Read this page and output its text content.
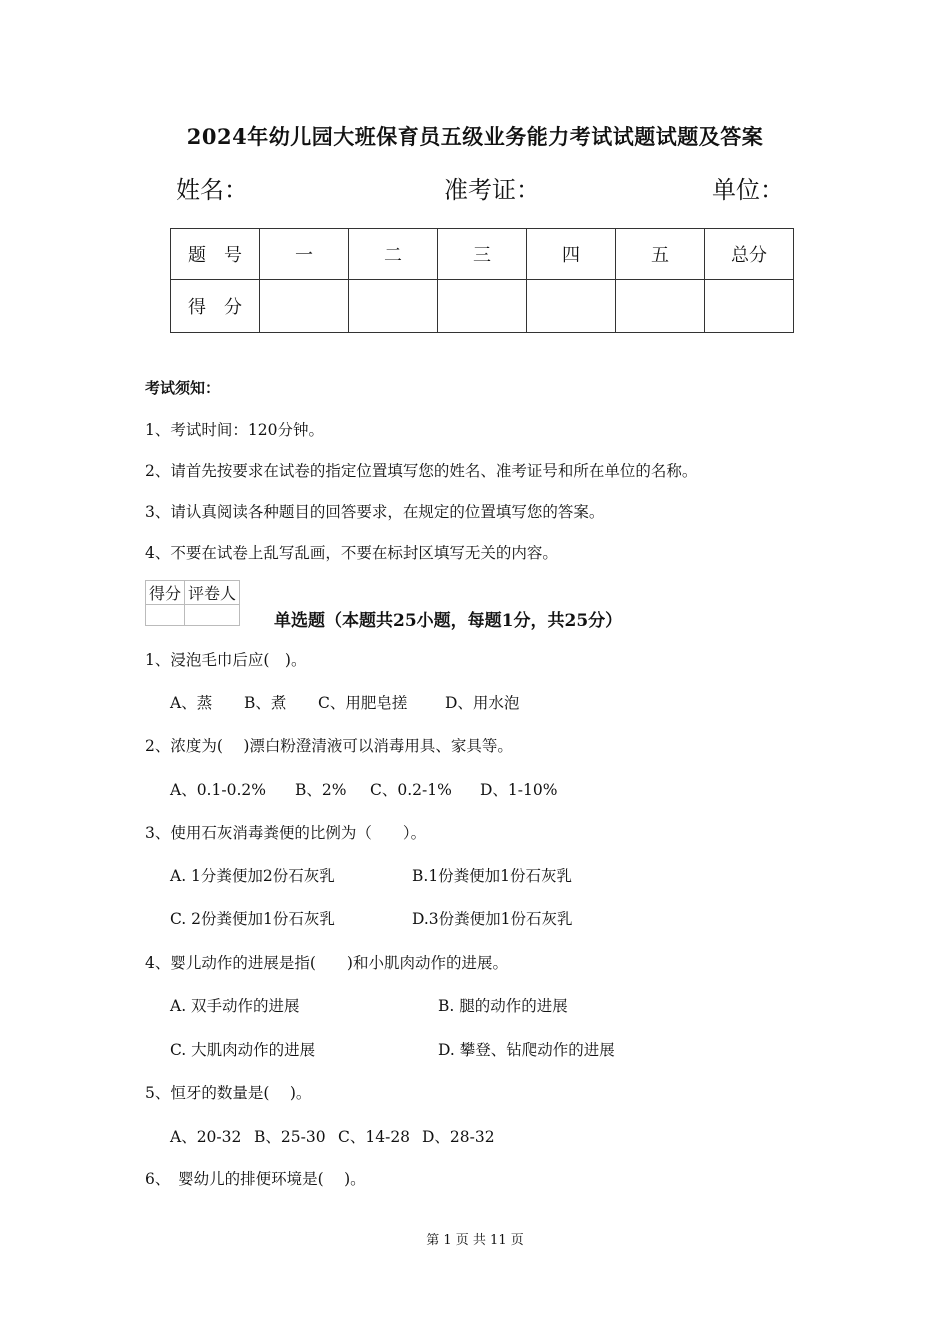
2024年幼儿园大班保育员五级业务能力考试试题试题及答案
姓名：	准考证：	单位：
题　号	一	二	三	四	五	总分
得　分						
考试须知：
1、考试时间：120分钟。
2、请首先按要求在试卷的指定位置填写您的姓名、准考证号和所在单位的名称。
3、请认真阅读各种题目的回答要求，在规定的位置填写您的答案。
4、不要在试卷上乱写乱画，不要在标封区填写无关的内容。
得分	评卷人

单选题（本题共25小题，每题1分，共25分）
1、浸泡毛巾后应(　)。
A、蒸 B、煮 C、用肥皂搓 D、用水泡
2、浓度为(　 )漂白粉澄清液可以消毒用具、家具等。
A、0.1-0.2% B、2% C、0.2-1% D、1-10%
3、使用石灰消毒粪便的比例为（　　）。
A. 1分粪便加2份石灰乳	B.1份粪便加1份石灰乳
C. 2份粪便加1份石灰乳	D.3份粪便加1份石灰乳
4、婴儿动作的进展是指(　　)和小肌肉动作的进展。
A. 双手动作的进展	B. 腿的动作的进展
C. 大肌肉动作的进展	D. 攀登、钻爬动作的进展
5、恒牙的数量是(　 )。
A、20-32 B、25-30 C、14-28 D、28-32
6、　婴幼儿的排便环境是(　 )。
第 1 页 共 11 页
